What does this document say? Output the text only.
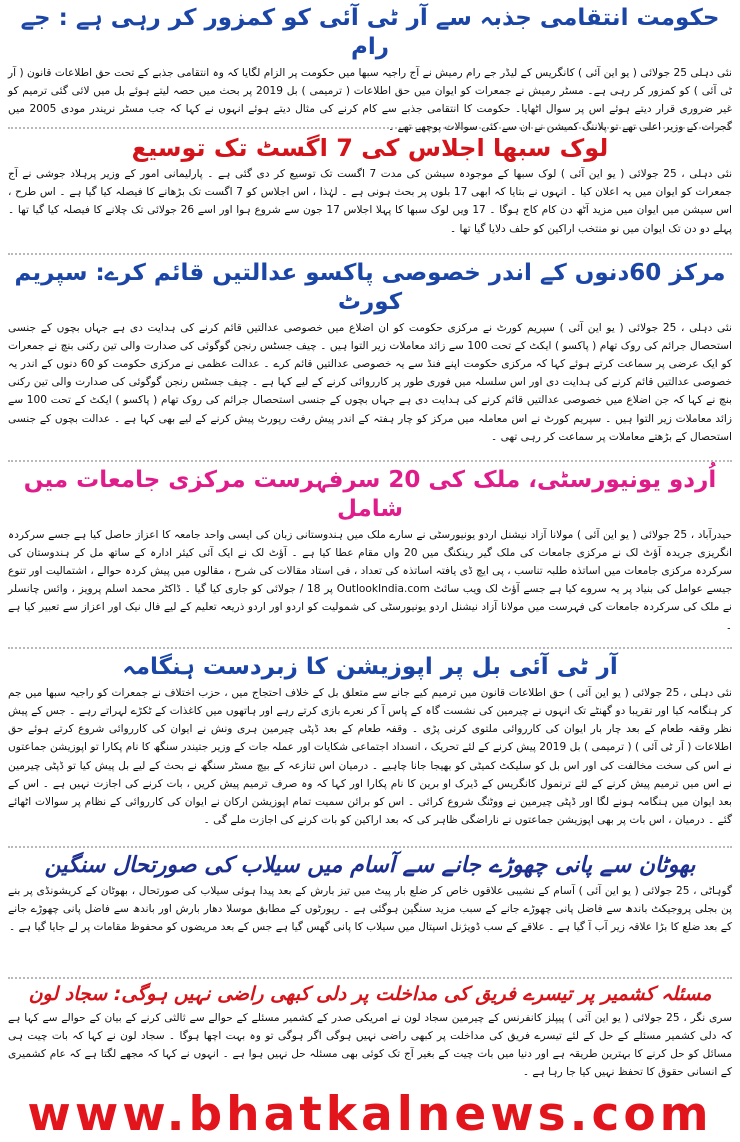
حکومت انتقامی جذبہ سے آر ٹی آئی کو کمزور کر رہی ہے : جے رام

نئی دہلی 25 جولائی ( یو این آئی ) کانگریس کے لیڈر جے رام رمیش نے آج راجیہ سبھا میں حکومت پر الزام لگایا کہ وہ انتقامی جذبے کے تحت حق اطلاعات قانون ( آر ٹی آئی ) کو کمزور کر رہی ہے۔ مسٹر رمیش نے جمعرات کو ایوان میں حق اطلاعات ( ترمیمی ) بل 2019 پر بحث میں حصہ لیتے ہوئے بل میں لائی گئی ترمیم کو غیر ضروری قرار دیتے ہوئے اس پر سوال اٹھایا۔ حکومت کا انتقامی جذبے سے کام کرنے کی مثال دیتے ہوئے انہوں نے کہا کہ جب مسٹر نریندر مودی 2005 میں گجرات کے وزیر اعلی تھے تو پلاننگ کمیشن نے ان سے کئی سوالات پوچھے تھے ۔

لوک سبھا اجلاس کی 7 اگسٹ تک توسیع

نئی دہلی ، 25 جولائی ( یو این آئی ) لوک سبھا کے موجودہ سیشن کی مدت 7 اگست تک توسیع کر دی گئی ہے ۔ پارلیمانی امور کے وزیر پرہلاد جوشی نے آج جمعرات کو ایوان میں یہ اعلان کیا ۔ انہوں نے بتایا کہ ابھی 17 بلوں پر بحث ہونی ہے ۔ لہٰذا ، اس اجلاس کو 7 اگست تک بڑھانے کا فیصلہ کیا گیا ہے ۔ اس طرح ، اس سیشن میں ایوان میں مزید آٹھ دن کام کاج ہوگا ۔ 17 ویں لوک سبھا کا پہلا اجلاس 17 جون سے شروع ہوا اور اسے 26 جولائی تک چلانے کا فیصلہ کیا گیا تھا ۔ پہلے دو دن تک ایوان میں نو منتخب اراکین کو حلف دلایا گیا تھا ۔

مرکز 60دنوں کے اندر خصوصی پاکسو عدالتیں قائم کرے: سپریم کورٹ

نئی دہلی ، 25 جولائی ( یو این آئی ) سپریم کورٹ نے مرکزی حکومت کو ان اضلاع میں خصوصی عدالتیں قائم کرنے کی ہدایت دی ہے جہاں بچوں کے جنسی استحصال جرائم کی روک تھام ( پاکسو ) ایکٹ کے تحت 100 سے زائد معاملات زیر التوا ہیں ۔ چیف جسٹس رنجن گوگوئی کی صدارت والی تین رکنی بنچ نے جمعرات کو ایک عرضی پر سماعت کرتے ہوئے کہا کہ مرکزی حکومت اپنے فنڈ سے یہ خصوصی عدالتیں قائم کرے ۔ عدالت عظمی نے مرکزی حکومت کو 60 دنوں کے اندر یہ خصوصی عدالتیں قائم کرنے کی ہدایت دی اور اس سلسلہ میں فوری طور پر کارروائی کرنے کے لیے کہا ہے ۔ چیف جسٹس رنجن گوگوئی کی صدارت والی تین رکنی بنچ نے کہا کہ جن اضلاع میں خصوصی عدالتیں قائم کرنے کی ہدایت دی ہے جہاں بچوں کے جنسی استحصال جرائم کی روک تھام ( پاکسو ) ایکٹ کے تحت 100 سے زائد معاملات زیر التوا ہیں ۔ سپریم کورٹ نے اس معاملہ میں مرکز کو چار ہفتہ کے اندر پیش رفت رپورٹ پیش کرنے کے لیے بھی کہا ہے ۔ عدالت بچوں کے جنسی استحصال کے بڑھتے معاملات پر سماعت کر رہی تھی ۔

اُردو یونیورسٹی، ملک کی 20 سرفہرست مرکزی جامعات میں شامل

حیدرآباد ، 25 جولائی ( یو این آئی ) مولانا آزاد نیشنل اردو یونیورسٹی نے سارے ملک میں ہندوستانی زبان کی ایسی واحد جامعہ کا اعزاز حاصل کیا ہے جسے سرکردہ انگریزی جریدہ آؤٹ لک نے مرکزی جامعات کی ملک گیر رینکنگ میں 20 واں مقام عطا کیا ہے ۔ آؤٹ لک نے ایک آئی کیئر ادارہ کے ساتھ مل کر ہندوستان کی سرکردہ مرکزی جامعات میں اساتذہ طلبہ تناسب ، پی ایچ ڈی یافتہ اساتذہ کی تعداد ، فی استاد مقالات کی شرح ، مقالوں میں پیش کردہ حوالے ، اشتمالیت اور تنوع جیسے عوامل کی بنیاد پر یہ سروے کیا ہے جسے آؤٹ لک ویب سائٹ OutlookIndia.com پر 18 / جولائی کو جاری کیا گیا ۔ ڈاکٹر محمد اسلم پرویز ، وائس چانسلر نے ملک کی سرکردہ جامعات کی فہرست میں مولانا آزاد نیشنل اردو یونیورسٹی کی شمولیت کو اردو اور اردو ذریعہ تعلیم کے لیے فال نیک اور اعزاز سے تعبیر کیا ہے ۔

آر ٹی آئی بل پر اپوزیشن کا زبردست ہنگامہ

نئی دہلی ، 25 جولائی ( یو این آئی ) حق اطلاعات قانون میں ترمیم کیے جانے سے متعلق بل کے خلاف احتجاج میں ، حزب اختلاف نے جمعرات کو راجیہ سبھا میں جم کر ہنگامہ کیا اور تقریبا دو گھنٹے تک انہوں نے چیرمین کی نشست گاہ کے پاس آ کر نعرے بازی کرتے رہے اور ہاتھوں میں کاغذات کے ٹکڑے لہراتے رہے ۔ جس کے پیش نظر وقفہ طعام کے بعد چار بار ایوان کی کارروائی ملتوی کرنی پڑی ۔ وقفہ طعام کے بعد ڈپٹی چیرمین ہری ونش نے ایوان کی کارروائی شروع کرتے ہوئے حق اطلاعات ( آر ٹی آئی ) ( ترمیمی ) بل 2019 پیش کرنے کے لئے تحریک ، انسداد اجتماعی شکایات اور عملہ جات کے وزیر جتیندر سنگھ کا نام پکارا تو اپوزیشن جماعتوں نے اس کی سخت مخالفت کی اور اس بل کو سلیکٹ کمیٹی کو بھیجا جانا چاہیے ۔ درمیان اس تنازعہ کے بیچ مسٹر سنگھ نے بحث کے لیے بل پیش کیا تو ڈپٹی چیرمین نے اس میں ترمیم پیش کرنے کے لئے ترنمول کانگریس کے ڈیرک او برین کا نام پکارا اور کہا کہ وہ صرف ترمیم پیش کریں ، بات کرنے کی اجازت نہیں ہے ۔ اس کے بعد ایوان میں ہنگامہ ہونے لگا اور ڈپٹی چیرمین نے ووٹنگ شروع کرائی ۔ اس کو برائن سمیت تمام اپوزیشن ارکان نے ایوان کی کارروائی کے نظام پر سوالات اٹھائے گئے ۔ درمیان ، اس بات پر بھی اپوزیشن جماعتوں نے ناراضگی ظاہر کی کہ بعد اراکین کو بات کرنے کی اجازت ملے گی ۔

بھوٹان سے پانی چھوڑے جانے سے آسام میں سیلاب کی صورتحال سنگین

گوہاٹی ، 25 جولائی ( یو این آئی ) آسام کے نشیبی علاقوں خاص کر ضلع بار پیٹ میں تیز بارش کے بعد پیدا ہوئی سیلاب کی صورتحال ، بھوٹان کے کریشونڈی پر بنے پن بجلی پروجیکٹ باندھ سے فاضل پانی چھوڑے جانے کے سبب مزید سنگین ہوگئی ہے ۔ رپورٹوں کے مطابق موسلا دھار بارش اور باندھ سے فاضل پانی چھوڑے جانے کے بعد ضلع کا بڑا علاقہ زیر آب آ گیا ہے ۔ علاقے کے سب ڈویژنل اسپتال میں سیلاب کا پانی گھس گیا ہے جس کے بعد مریضوں کو محفوظ مقامات پر لے جایا گیا ہے ۔

مسئلہ کشمیر پر تیسرے فریق کی مداخلت پر دلی کبھی راضی نہیں ہوگی: سجاد لون

سری نگر ، 25 جولائی ( یو این آئی ) پیپلز کانفرنس کے چیرمین سجاد لون نے امریکی صدر کے کشمیر مسئلے کے حوالے سے ثالثی کرنے کے بیان کے حوالے سے کہا ہے کہ دلی کشمیر مسئلے کے حل کے لئے تیسرے فریق کی مداخلت پر کبھی راضی نہیں ہوگی اگر ہوگی تو وہ بہت اچھا ہوگا ۔ سجاد لون نے کہا کہ بات چیت ہی مسائل کو حل کرنے کا بہترین طریقہ ہے اور دنیا میں بات چیت کے بغیر آج تک کوئی بھی مسئلہ حل نہیں ہوا ہے ۔ انہوں نے کہا کہ مجھے لگتا ہے کہ عام کشمیری کے انسانی حقوق کا تحفظ نہیں کیا جا رہا ہے ۔

www.bhatkalnews.com
